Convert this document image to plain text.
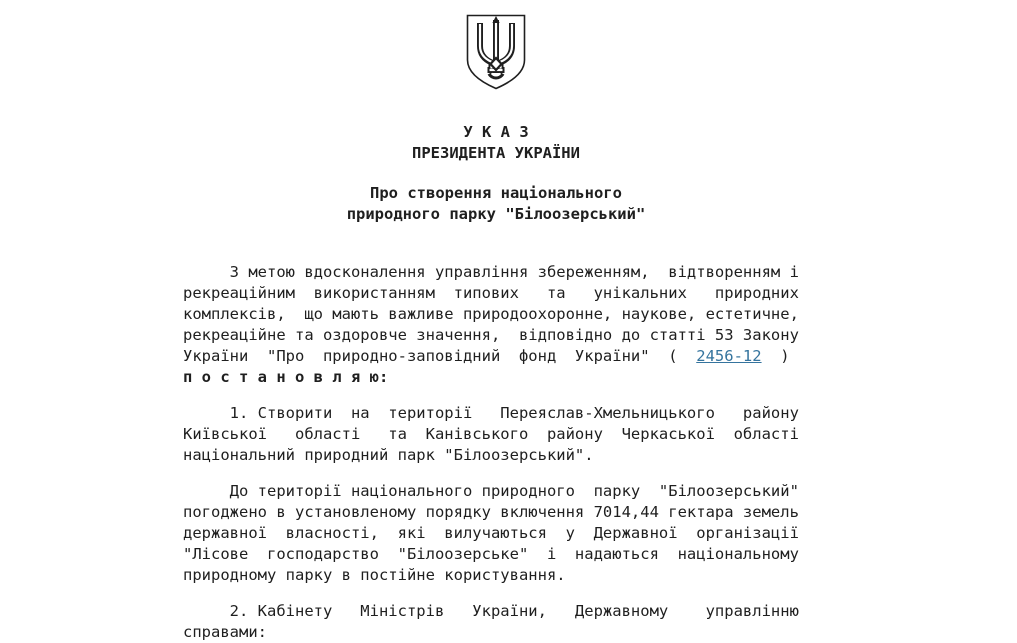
У К А З
ПРЕЗИДЕНТА УКРАЇНИ
Про створення національного
природного парку "Білоозерський"
З метою вдосконалення управління збереженням,  відтворенням і
рекреаційним  використанням  типових   та   унікальних   природних
комплексів,  що мають важливе природоохоронне, наукове, естетичне,
рекреаційне та оздоровче значення,  відповідно до статті 53 Закону
України  "Про  природно-заповідний  фонд  України"  (  2456-12  )
п о с т а н о в л я ю:
1. Створити  на  території   Переяслав-Хмельницького   району
Київської   області   та  Канівського  району  Черкаської  області
національний природний парк "Білоозерський".
До території національного природного  парку  "Білоозерський"
погоджено в установленому порядку включення 7014,44 гектара земель
державної  власності,  які  вилучаються  у  Державної  організації
"Лісове  господарство  "Білоозерське"  і  надаються  національному
природному парку в постійне користування.
2. Кабінету   Міністрів   України,   Державному    управлінню
справами:
